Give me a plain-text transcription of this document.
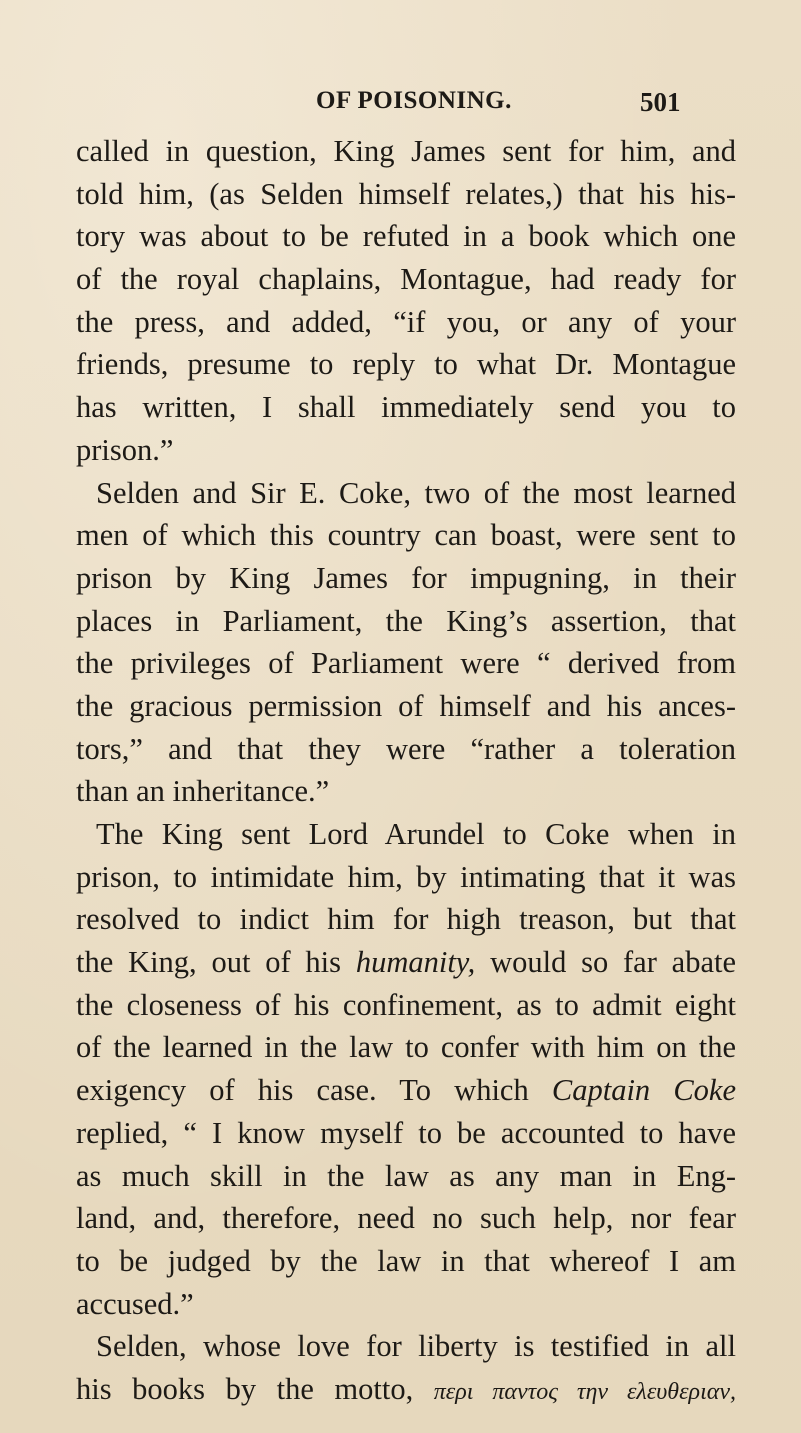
OF POISONING.	501
called in question, King James sent for him, and
told him, (as Selden himself relates,) that his his-
tory was about to be refuted in a book which one
of the royal chaplains, Montague, had ready for
the press, and added, “if you, or any of your
friends, presume to reply to what Dr. Montague
has written, I shall immediately send you to
prison.”
Selden and Sir E. Coke, two of the most learned
men of which this country can boast, were sent to
prison by King James for impugning, in their
places in Parliament, the King’s assertion, that
the privileges of Parliament were “ derived from
the gracious permission of himself and his ances-
tors,” and that they were “rather a toleration
than an inheritance.”
The King sent Lord Arundel to Coke when in
prison, to intimidate him, by intimating that it was
resolved to indict him for high treason, but that
the King, out of his humanity, would so far abate
the closeness of his confinement, as to admit eight
of the learned in the law to confer with him on the
exigency of his case. To which Captain Coke
replied, “ I know myself to be accounted to have
as much skill in the law as any man in Eng-
land, and, therefore, need no such help, nor fear
to be judged by the law in that whereof I am
accused.”
Selden, whose love for liberty is testified in all
his books by the motto, περι παντος την ελευθεριαν,
